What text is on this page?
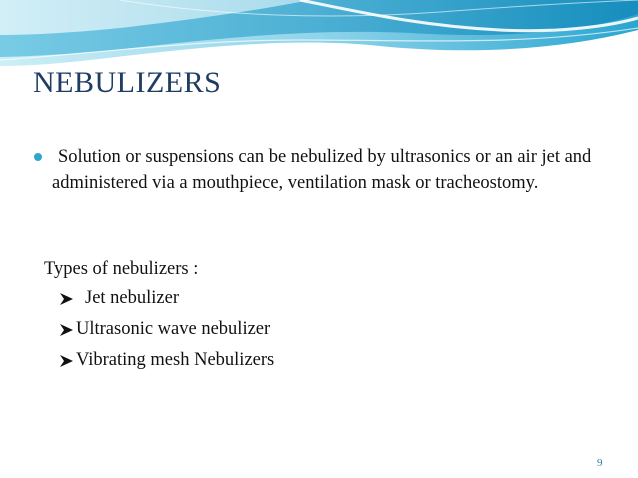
NEBULIZERS

Solution or suspensions can be nebulized by ultrasonics or an air jet and administered via a mouthpiece, ventilation mask or tracheostomy.

Types of nebulizers :

Jet nebulizer
Ultrasonic wave nebulizer
Vibrating mesh Nebulizers
9
